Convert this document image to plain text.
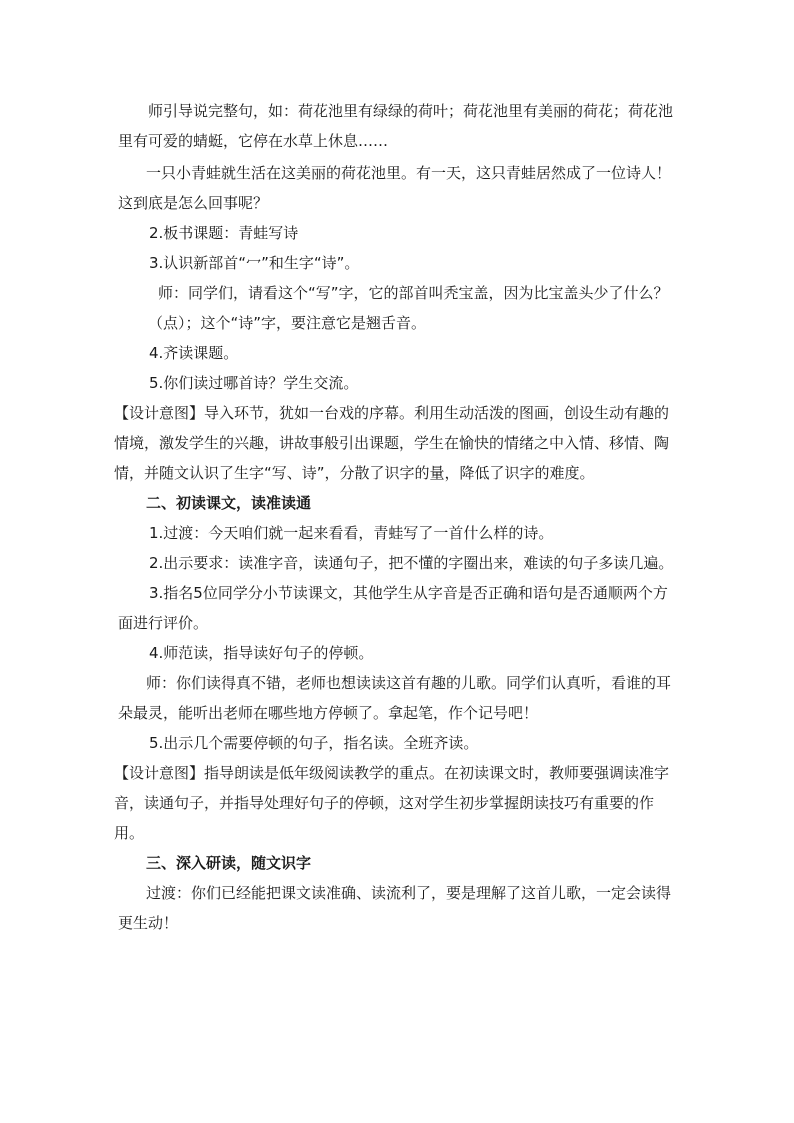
师引导说完整句，如：荷花池里有绿绿的荷叶；荷花池里有美丽的荷花；荷花池里有可爱的蜻蜓，它停在水草上休息……

一只小青蛙就生活在这美丽的荷花池里。有一天，这只青蛙居然成了一位诗人！这到底是怎么回事呢？

2.板书课题：青蛙写诗

3.认识新部首“冖”和生字“诗”。

师：同学们，请看这个“写”字，它的部首叫秃宝盖，因为比宝盖头少了什么？（点）；这个“诗”字，要注意它是翘舌音。

4.齐读课题。

5.你们读过哪首诗？学生交流。

【设计意图】导入环节，犹如一台戏的序幕。利用生动活泼的图画，创设生动有趣的情境，激发学生的兴趣，讲故事般引出课题，学生在愉快的情绪之中入情、移情、陶情，并随文认识了生字“写、诗”，分散了识字的量，降低了识字的难度。

二、初读课文，读准读通

1.过渡：今天咱们就一起来看看，青蛙写了一首什么样的诗。

2.出示要求：读准字音，读通句子，把不懂的字圈出来，难读的句子多读几遍。

3.指名5位同学分小节读课文，其他学生从字音是否正确和语句是否通顺两个方面进行评价。

4.师范读，指导读好句子的停顿。

师：你们读得真不错，老师也想读读这首有趣的儿歌。同学们认真听，看谁的耳朵最灵，能听出老师在哪些地方停顿了。拿起笔，作个记号吧！

5.出示几个需要停顿的句子，指名读。全班齐读。

【设计意图】指导朗读是低年级阅读教学的重点。在初读课文时，教师要强调读准字音，读通句子，并指导处理好句子的停顿，这对学生初步掌握朗读技巧有重要的作用。

三、深入研读，随文识字

过渡：你们已经能把课文读准确、读流利了，要是理解了这首儿歌，一定会读得更生动！
